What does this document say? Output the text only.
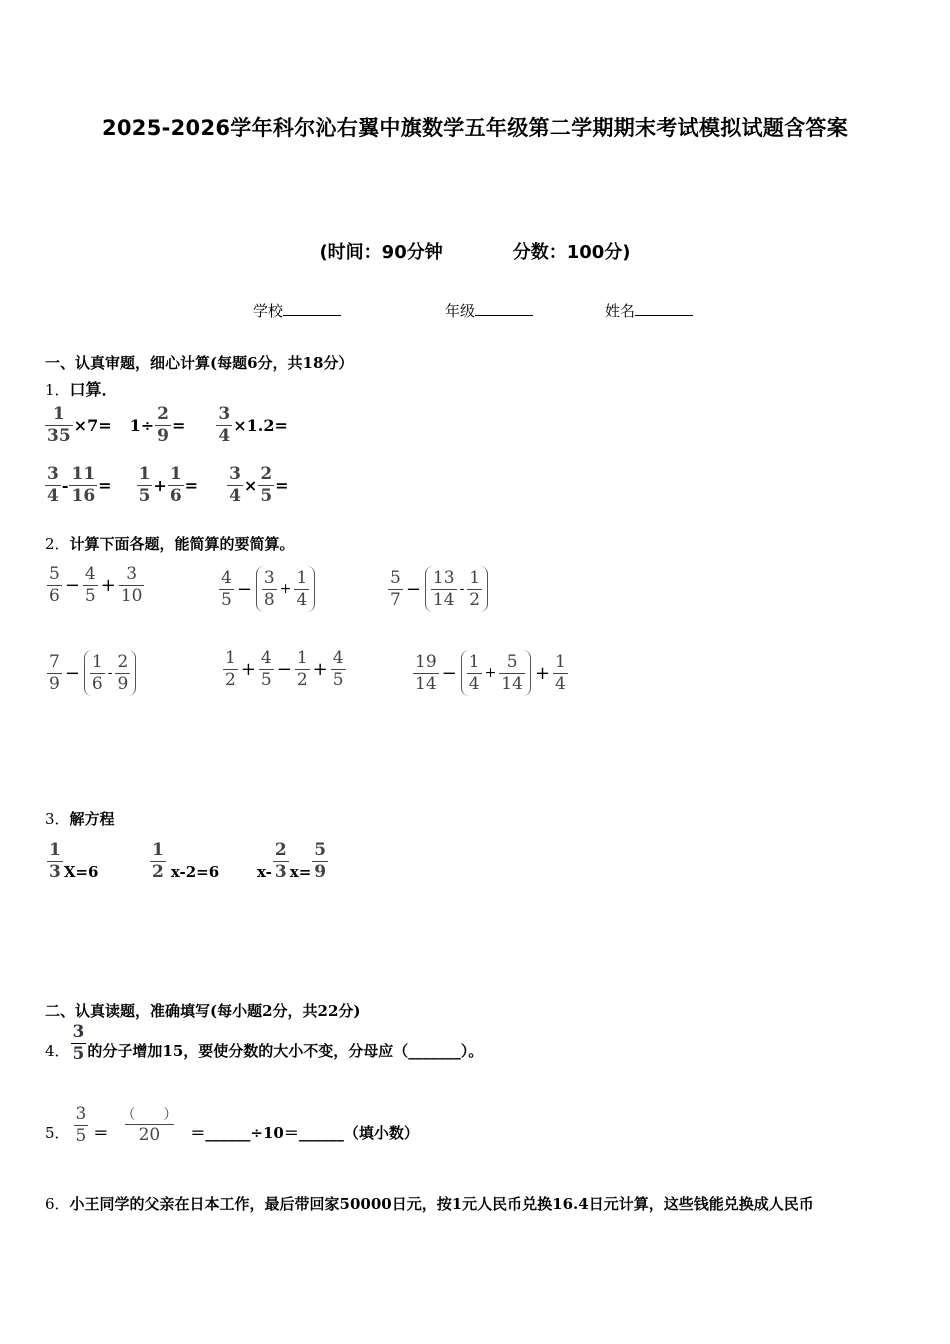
2025-2026学年科尔沁右翼中旗数学五年级第二学期期末考试模拟试题含答案
(时间：90分钟	分数：100分)
学校	年级	姓名
一、认真审题，细心计算(每题6分，共18分）
1．口算．
$\frac{1}{35} \times 7= 1\div \frac{2}{9} = \frac{3}{4} \times 1.2=$
$\frac{3}{4} - \frac{11}{16} = \frac{1}{5} + \frac{1}{6} = \frac{3}{4} \times \frac{2}{5}$ =
2．计算下面各题，能简算的要简算。
$\frac{5}{6} - \frac{4}{5} + \frac{3}{10}$	$\frac{4}{5} - \frac{3}{8} + \frac{1}{4}$	$\frac{5}{7} - \frac{13}{14} - \frac{1}{2}$
$\frac{7}{9} - \frac{1}{6} - \frac{2}{9}$	$\frac{1}{2} + \frac{4}{5} - \frac{1}{2} + \frac{4}{5}$	$\frac{19}{14} - \frac{1}{4} + \frac{5}{14} + \frac{1}{4}$
3．解方程
$\frac{1}{3} X=6$	$\frac{1}{2} x-2=6$	$x- \frac{2}{3} x= \frac{5}{9}$
二、认真读题，准确填写(每小题2分，共22分)
4． $\frac{3}{5}$ 的分子增加15，要使分数的大小不变，分母应（_______）。
5． $\frac{3}{5} = \frac{( )}{20}$ ＝______÷10＝______（填小数）
6．小王同学的父亲在日本工作，最后带回家50000日元，按1元人民币兑换16.4日元计算，这些钱能兑换成人民币
